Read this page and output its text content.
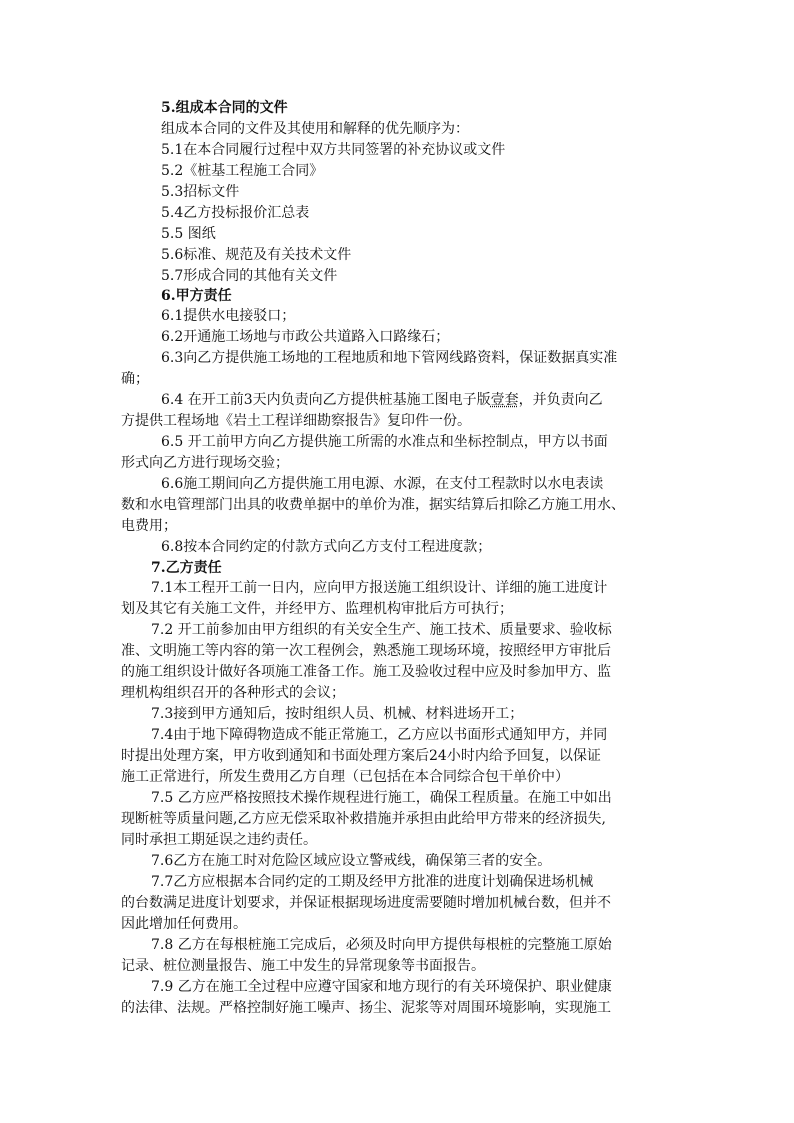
5.组成本合同的文件
组成本合同的文件及其使用和解释的优先顺序为：
5.1在本合同履行过程中双方共同签署的补充协议或文件
5.2《桩基工程施工合同》
5.3招标文件
5.4乙方投标报价汇总表
5.5 图纸
5.6标准、规范及有关技术文件
5.7形成合同的其他有关文件
6.甲方责任
6.1提供水电接驳口；
6.2开通施工场地与市政公共道路入口路缘石；
6.3向乙方提供施工场地的工程地质和地下管网线路资料，保证数据真实准
确；
6.4 在开工前3天内负责向乙方提供桩基施工图电子版壹套，并负责向乙
方提供工程场地《岩土工程详细勘察报告》复印件一份。
6.5 开工前甲方向乙方提供施工所需的水准点和坐标控制点，甲方以书面
形式向乙方进行现场交验；
6.6施工期间向乙方提供施工用电源、水源，在支付工程款时以水电表读
数和水电管理部门出具的收费单据中的单价为准，据实结算后扣除乙方施工用水、
电费用；
6.8按本合同约定的付款方式向乙方支付工程进度款；
7.乙方责任
7.1本工程开工前一日内，应向甲方报送施工组织设计、详细的施工进度计
划及其它有关施工文件，并经甲方、监理机构审批后方可执行；
7.2 开工前参加由甲方组织的有关安全生产、施工技术、质量要求、验收标
准、文明施工等内容的第一次工程例会，熟悉施工现场环境，按照经甲方审批后
的施工组织设计做好各项施工准备工作。施工及验收过程中应及时参加甲方、监
理机构组织召开的各种形式的会议；
7.3接到甲方通知后，按时组织人员、机械、材料进场开工；
7.4由于地下障碍物造成不能正常施工，乙方应以书面形式通知甲方，并同
时提出处理方案，甲方收到通知和书面处理方案后24小时内给予回复，以保证
施工正常进行，所发生费用乙方自理（已包括在本合同综合包干单价中）
7.5 乙方应严格按照技术操作规程进行施工，确保工程质量。在施工中如出
现断桩等质量问题,乙方应无偿采取补救措施并承担由此给甲方带来的经济损失,
同时承担工期延误之违约责任。
7.6乙方在施工时对危险区域应设立警戒线，确保第三者的安全。
7.7乙方应根据本合同约定的工期及经甲方批准的进度计划确保进场机械
的台数满足进度计划要求，并保证根据现场进度需要随时增加机械台数，但并不
因此增加任何费用。
7.8 乙方在每根桩施工完成后，必须及时向甲方提供每根桩的完整施工原始
记录、桩位测量报告、施工中发生的异常现象等书面报告。
7.9 乙方在施工全过程中应遵守国家和地方现行的有关环境保护、职业健康
的法律、法规。严格控制好施工噪声、扬尘、泥浆等对周围环境影响，实现施工
